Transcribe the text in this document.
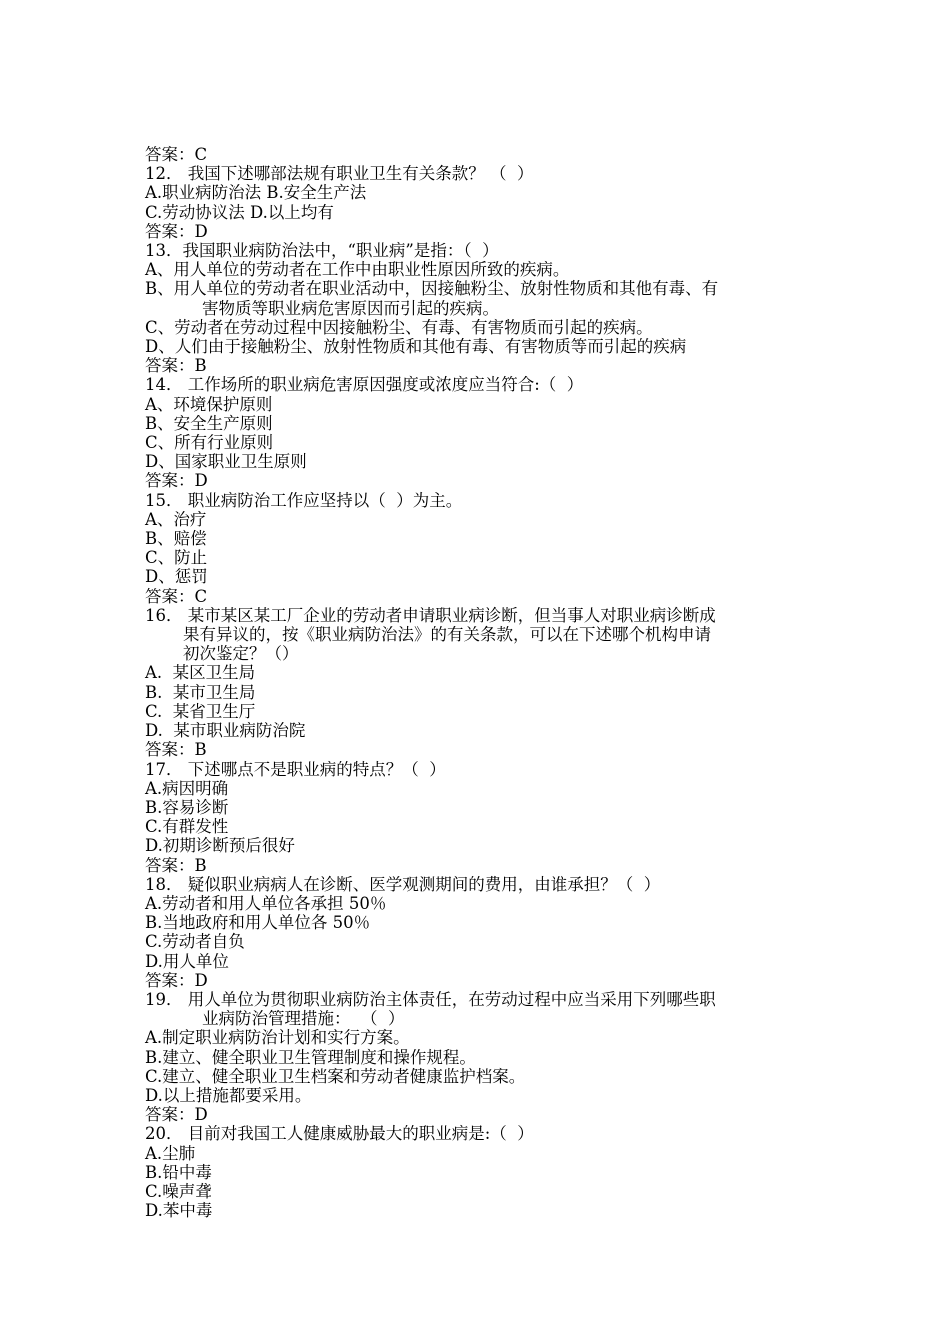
答案：C

12． 我国下述哪部法规有职业卫生有关条款？ （  ）

A.职业病防治法 B.安全生产法

C.劳动协议法 D.以上均有

答案：D

13．我国职业病防治法中，“职业病”是指：（  ）

A、用人单位的劳动者在工作中由职业性原因所致的疾病。

B、用人单位的劳动者在职业活动中，因接触粉尘、放射性物质和其他有毒、有

害物质等职业病危害原因而引起的疾病。

C、劳动者在劳动过程中因接触粉尘、有毒、有害物质而引起的疾病。

D、人们由于接触粉尘、放射性物质和其他有毒、有害物质等而引起的疾病

答案：B

14． 工作场所的职业病危害原因强度或浓度应当符合:（  ）

A、环境保护原则

B、安全生产原则

C、所有行业原则

D、国家职业卫生原则

答案：D

15． 职业病防治工作应坚持以（  ）为主。

A、治疗

B、赔偿

C、防止

D、惩罚

答案：C

16． 某市某区某工厂企业的劳动者申请职业病诊断，但当事人对职业病诊断成

果有异议的，按《职业病防治法》的有关条款，可以在下述哪个机构申请

初次鉴定？（）

A.  某区卫生局

B.  某市卫生局

C.  某省卫生厅

D.  某市职业病防治院

答案：B

17． 下述哪点不是职业病的特点？（  ）

A.病因明确

B.容易诊断

C.有群发性

D.初期诊断预后很好

答案：B

18． 疑似职业病病人在诊断、医学观测期间的费用，由谁承担？（  ）

A.劳动者和用人单位各承担 50％

B.当地政府和用人单位各 50％

C.劳动者自负

D.用人单位

答案：D

19． 用人单位为贯彻职业病防治主体责任，在劳动过程中应当采用下列哪些职

业病防治管理措施：  （  ）

A.制定职业病防治计划和实行方案。

B.建立、健全职业卫生管理制度和操作规程。

C.建立、健全职业卫生档案和劳动者健康监护档案。

D.以上措施都要采用。

答案：D

20． 目前对我国工人健康威胁最大的职业病是:（  ）

A.尘肺

B.铅中毒

C.噪声聋

D.苯中毒
